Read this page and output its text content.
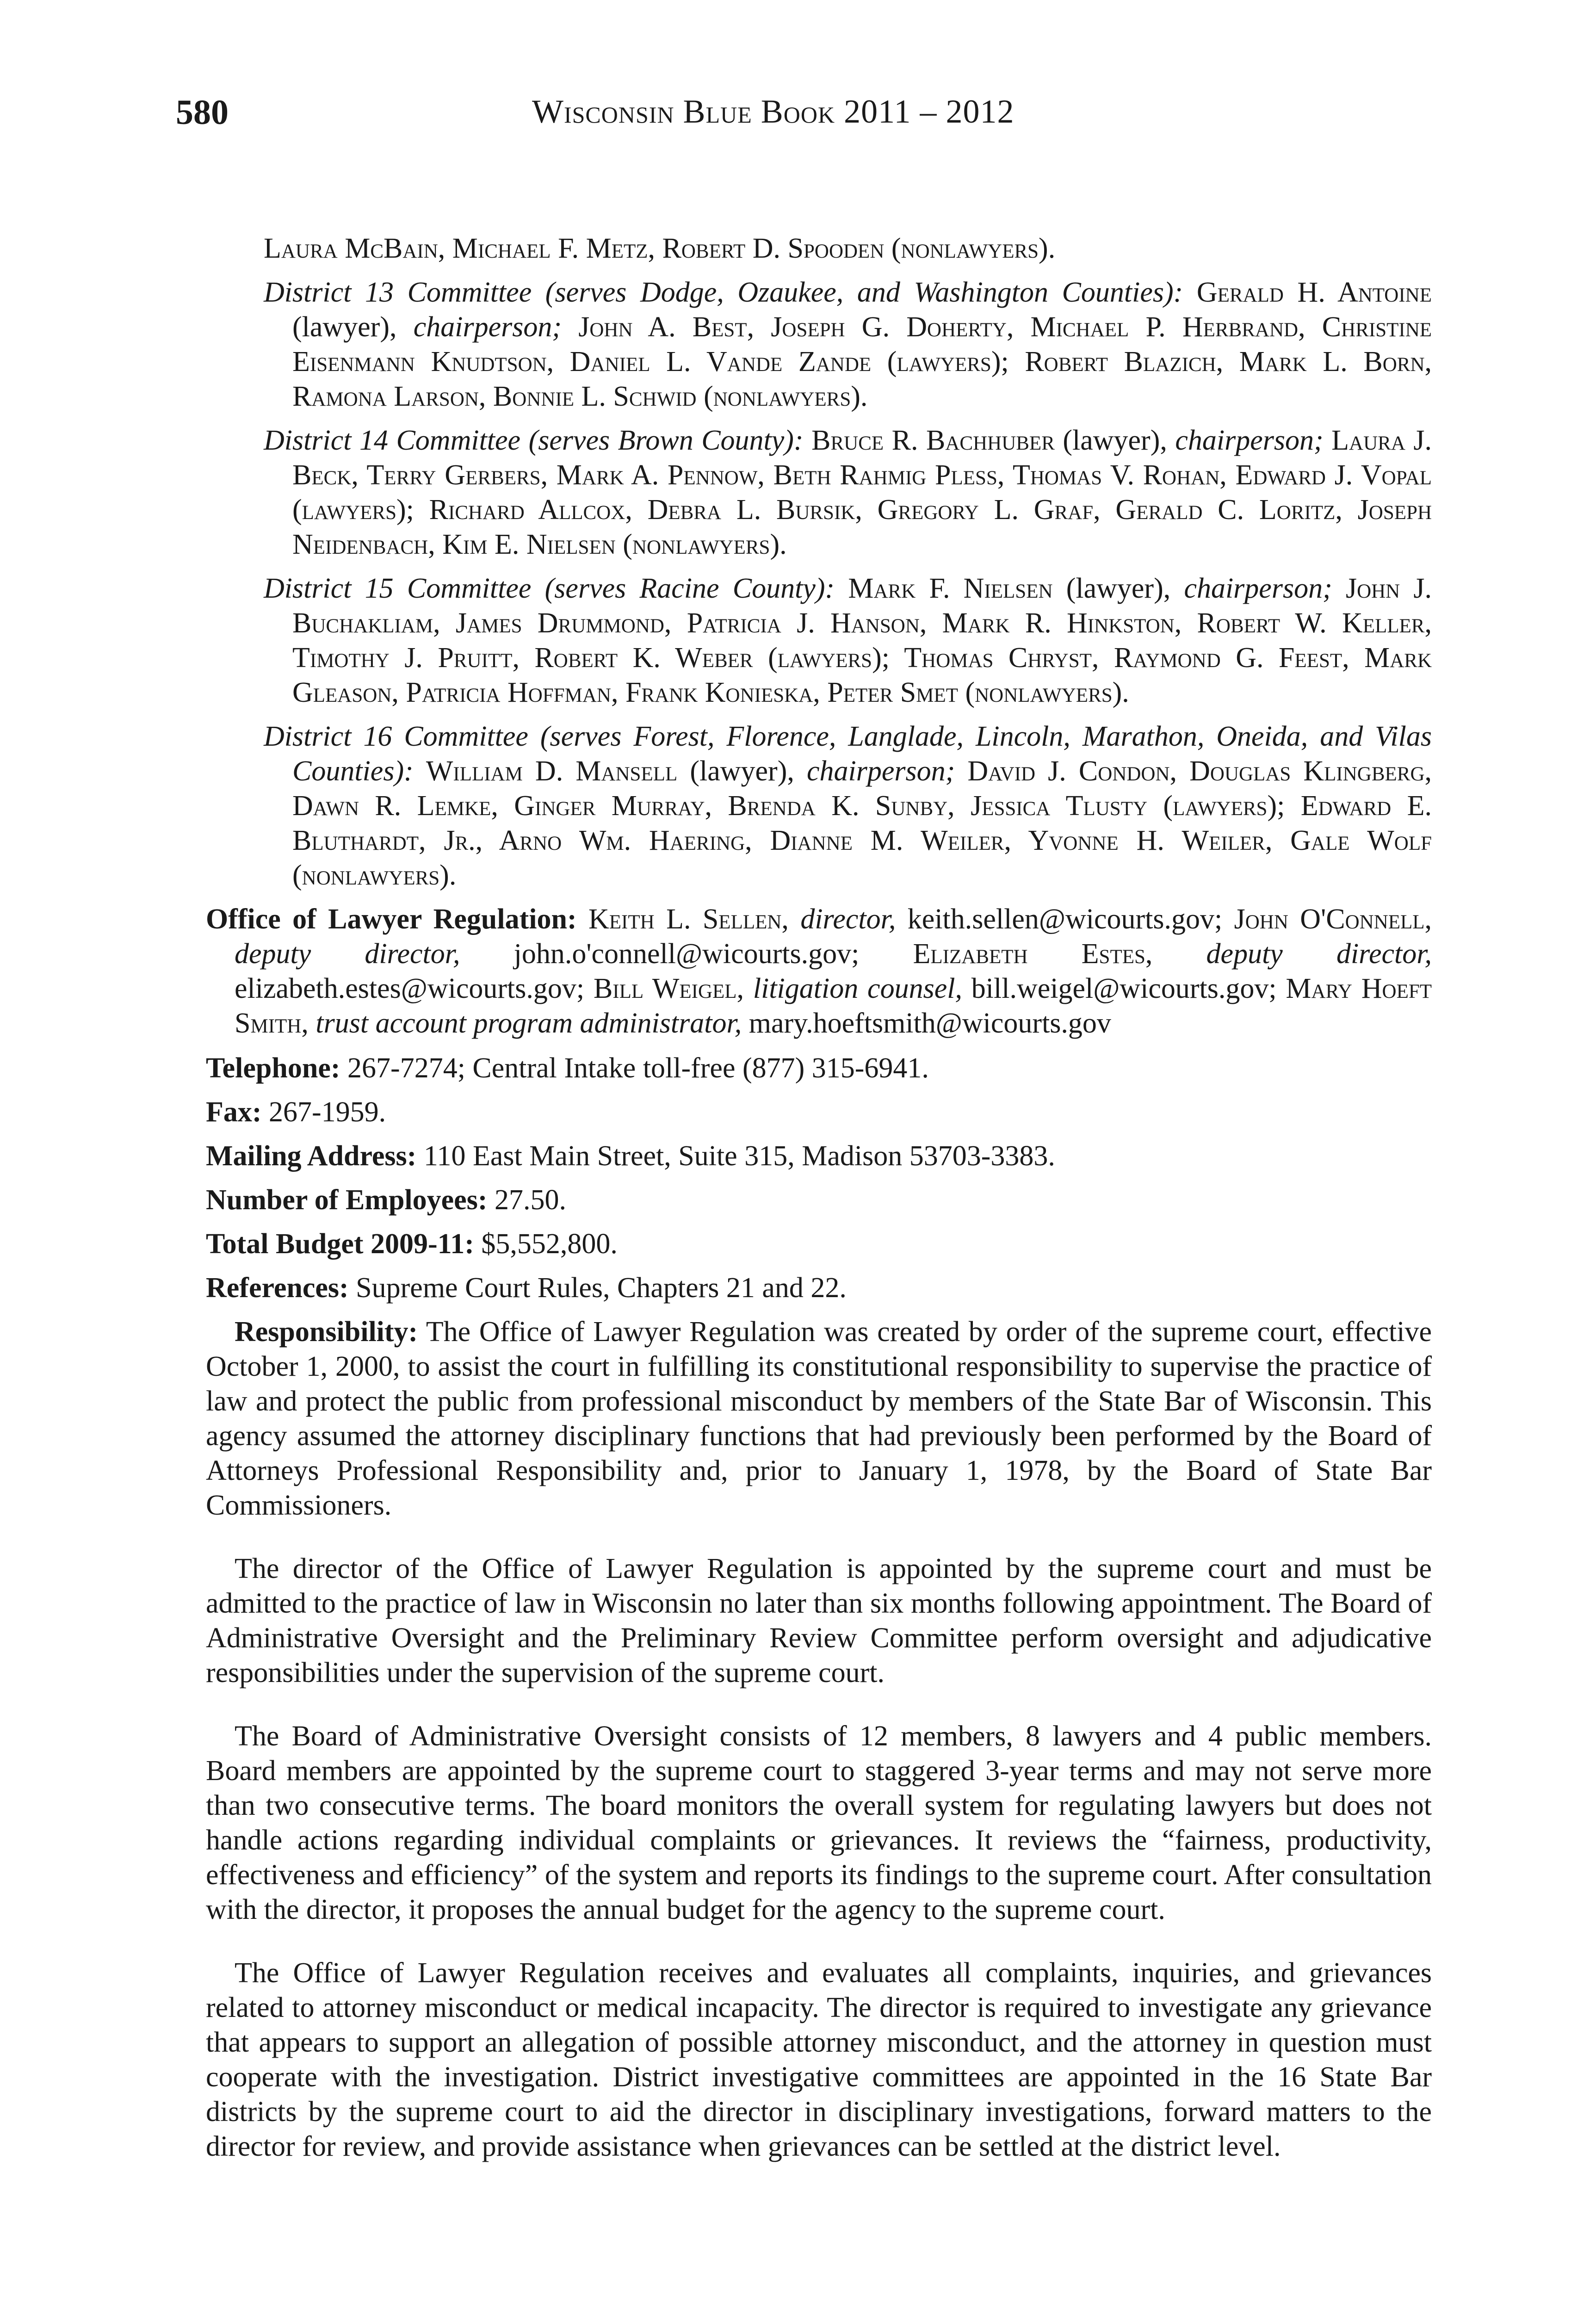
580	Wisconsin Blue Book 2011 – 2012
Laura McBain, Michael F. Metz, Robert D. Spooden (nonlawyers).
District 13 Committee (serves Dodge, Ozaukee, and Washington Counties): Gerald H. Antoine (lawyer), chairperson; John A. Best, Joseph G. Doherty, Michael P. Herbrand, Christine Eisenmann Knudtson, Daniel L. Vande Zande (lawyers); Robert Blazich, Mark L. Born, Ramona Larson, Bonnie L. Schwid (nonlawyers).
District 14 Committee (serves Brown County): Bruce R. Bachhuber (lawyer), chairperson; Laura J. Beck, Terry Gerbers, Mark A. Pennow, Beth Rahmig Pless, Thomas V. Rohan, Edward J. Vopal (lawyers); Richard Allcox, Debra L. Bursik, Gregory L. Graf, Gerald C. Loritz, Joseph Neidenbach, Kim E. Nielsen (nonlawyers).
District 15 Committee (serves Racine County): Mark F. Nielsen (lawyer), chairperson; John J. Buchakliam, James Drummond, Patricia J. Hanson, Mark R. Hinkston, Robert W. Keller, Timothy J. Pruitt, Robert K. Weber (lawyers); Thomas Chryst, Raymond G. Feest, Mark Gleason, Patricia Hoffman, Frank Konieska, Peter Smet (nonlawyers).
District 16 Committee (serves Forest, Florence, Langlade, Lincoln, Marathon, Oneida, and Vilas Counties): William D. Mansell (lawyer), chairperson; David J. Condon, Douglas Klingberg, Dawn R. Lemke, Ginger Murray, Brenda K. Sunby, Jessica Tlusty (lawyers); Edward E. Bluthardt, Jr., Arno Wm. Haering, Dianne M. Weiler, Yvonne H. Weiler, Gale Wolf (nonlawyers).
Office of Lawyer Regulation: Keith L. Sellen, director, keith.sellen@wicourts.gov; John O'Connell, deputy director, john.o'connell@wicourts.gov; Elizabeth Estes, deputy director, elizabeth.estes@wicourts.gov; Bill Weigel, litigation counsel, bill.weigel@wicourts.gov; Mary Hoeft Smith, trust account program administrator, mary.hoeftsmith@wicourts.gov
Telephone: 267-7274; Central Intake toll-free (877) 315-6941.
Fax: 267-1959.
Mailing Address: 110 East Main Street, Suite 315, Madison 53703-3383.
Number of Employees: 27.50.
Total Budget 2009-11: $5,552,800.
References: Supreme Court Rules, Chapters 21 and 22.

Responsibility: The Office of Lawyer Regulation was created by order of the supreme court, effective October 1, 2000, to assist the court in fulfilling its constitutional responsibility to supervise the practice of law and protect the public from professional misconduct by members of the State Bar of Wisconsin. This agency assumed the attorney disciplinary functions that had previously been performed by the Board of Attorneys Professional Responsibility and, prior to January 1, 1978, by the Board of State Bar Commissioners.

The director of the Office of Lawyer Regulation is appointed by the supreme court and must be admitted to the practice of law in Wisconsin no later than six months following appointment. The Board of Administrative Oversight and the Preliminary Review Committee perform oversight and adjudicative responsibilities under the supervision of the supreme court.

The Board of Administrative Oversight consists of 12 members, 8 lawyers and 4 public members. Board members are appointed by the supreme court to staggered 3-year terms and may not serve more than two consecutive terms. The board monitors the overall system for regulating lawyers but does not handle actions regarding individual complaints or grievances. It reviews the “fairness, productivity, effectiveness and efficiency” of the system and reports its findings to the supreme court. After consultation with the director, it proposes the annual budget for the agency to the supreme court.

The Office of Lawyer Regulation receives and evaluates all complaints, inquiries, and grievances related to attorney misconduct or medical incapacity. The director is required to investigate any grievance that appears to support an allegation of possible attorney misconduct, and the attorney in question must cooperate with the investigation. District investigative committees are appointed in the 16 State Bar districts by the supreme court to aid the director in disciplinary investigations, forward matters to the director for review, and provide assistance when grievances can be settled at the district level.
